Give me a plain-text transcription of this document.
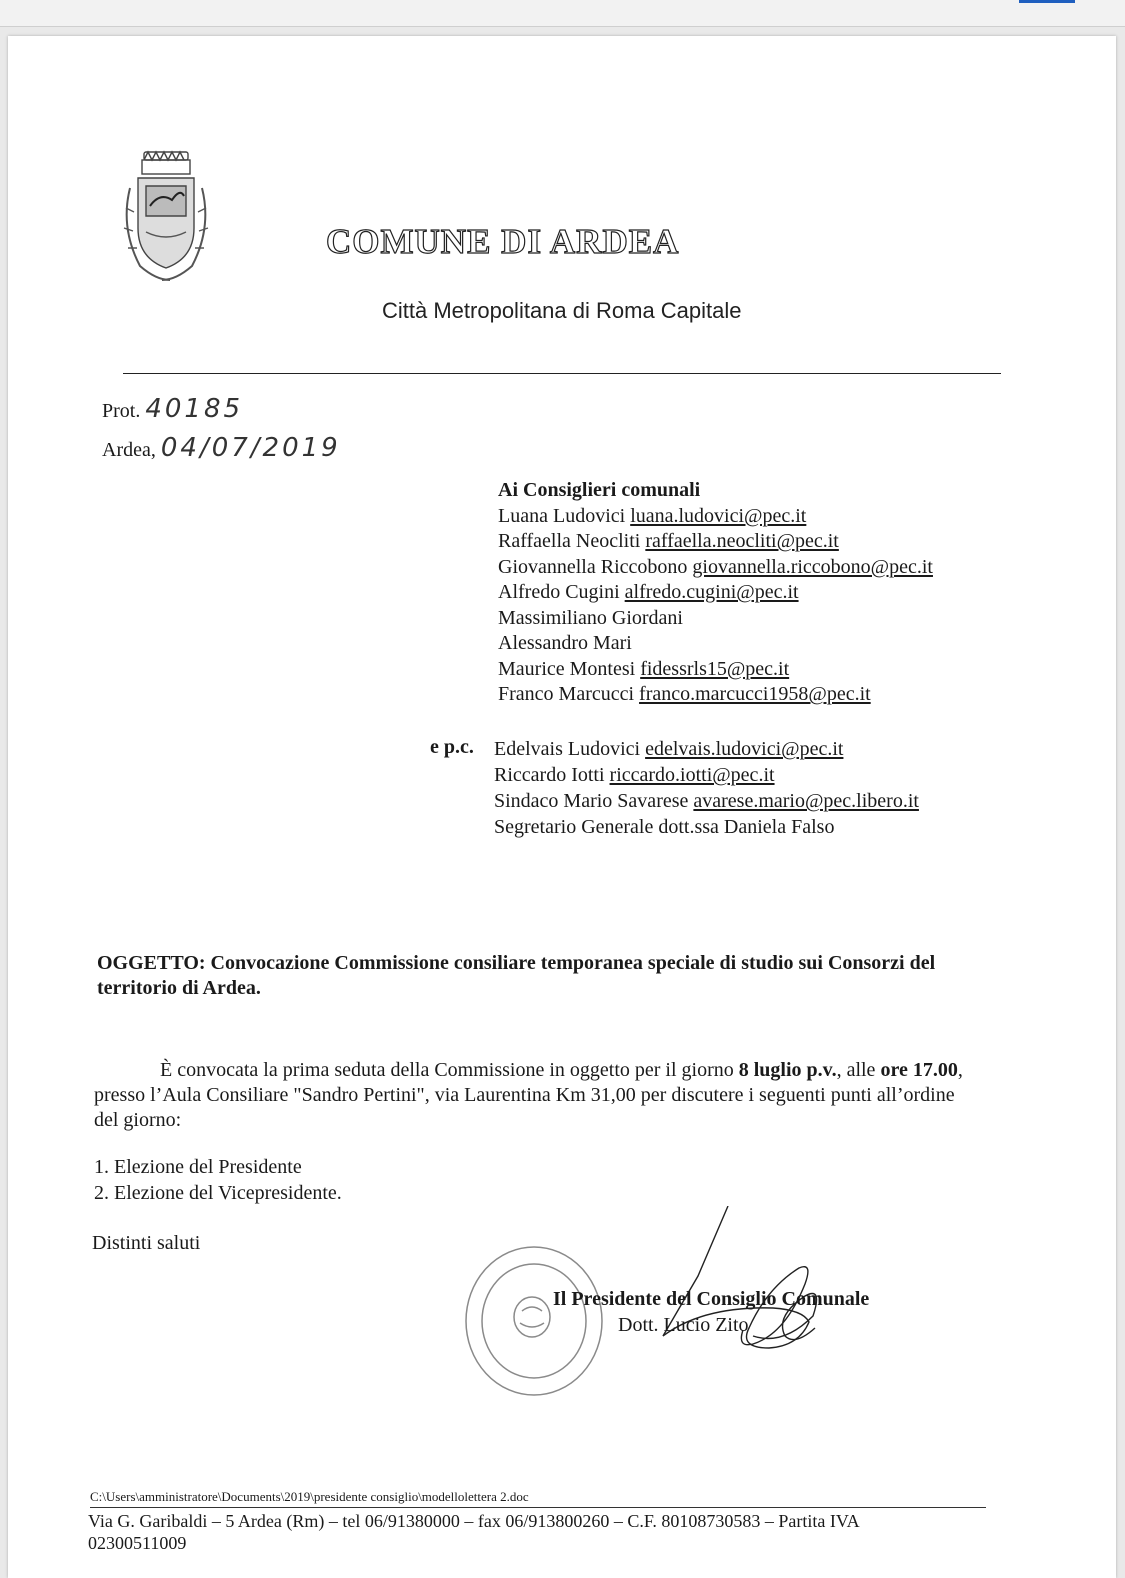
COMUNE DI ARDEA
Città Metropolitana di Roma Capitale
Prot. 40185
Ardea, 04/07/2019
Ai Consiglieri comunali
Luana Ludovici luana.ludovici@pec.it
Raffaella Neocliti raffaella.neocliti@pec.it
Giovannella Riccobono giovannella.riccobono@pec.it
Alfredo Cugini alfredo.cugini@pec.it
Massimiliano Giordani
Alessandro Mari
Maurice Montesi fidessrls15@pec.it
Franco Marcucci franco.marcucci1958@pec.it
e p.c. Edelvais Ludovici edelvais.ludovici@pec.it
Riccardo Iotti riccardo.iotti@pec.it
Sindaco Mario Savarese avarese.mario@pec.libero.it
Segretario Generale dott.ssa Daniela Falso
OGGETTO: Convocazione Commissione consiliare temporanea speciale di studio sui Consorzi del territorio di Ardea.
È convocata la prima seduta della Commissione in oggetto per il giorno 8 luglio p.v., alle ore 17.00, presso l’Aula Consiliare "Sandro Pertini", via Laurentina Km 31,00 per discutere i seguenti punti all’ordine del giorno:
1. Elezione del Presidente
2. Elezione del Vicepresidente.
Distinti saluti
Il Presidente del Consiglio Comunale
Dott. Lucio Zito
C:\Users\amministratore\Documents\2019\presidente consiglio\modellolettera 2.doc
Via G. Garibaldi – 5 Ardea (Rm) – tel 06/91380000 – fax 06/913800260 – C.F. 80108730583 – Partita IVA 02300511009
